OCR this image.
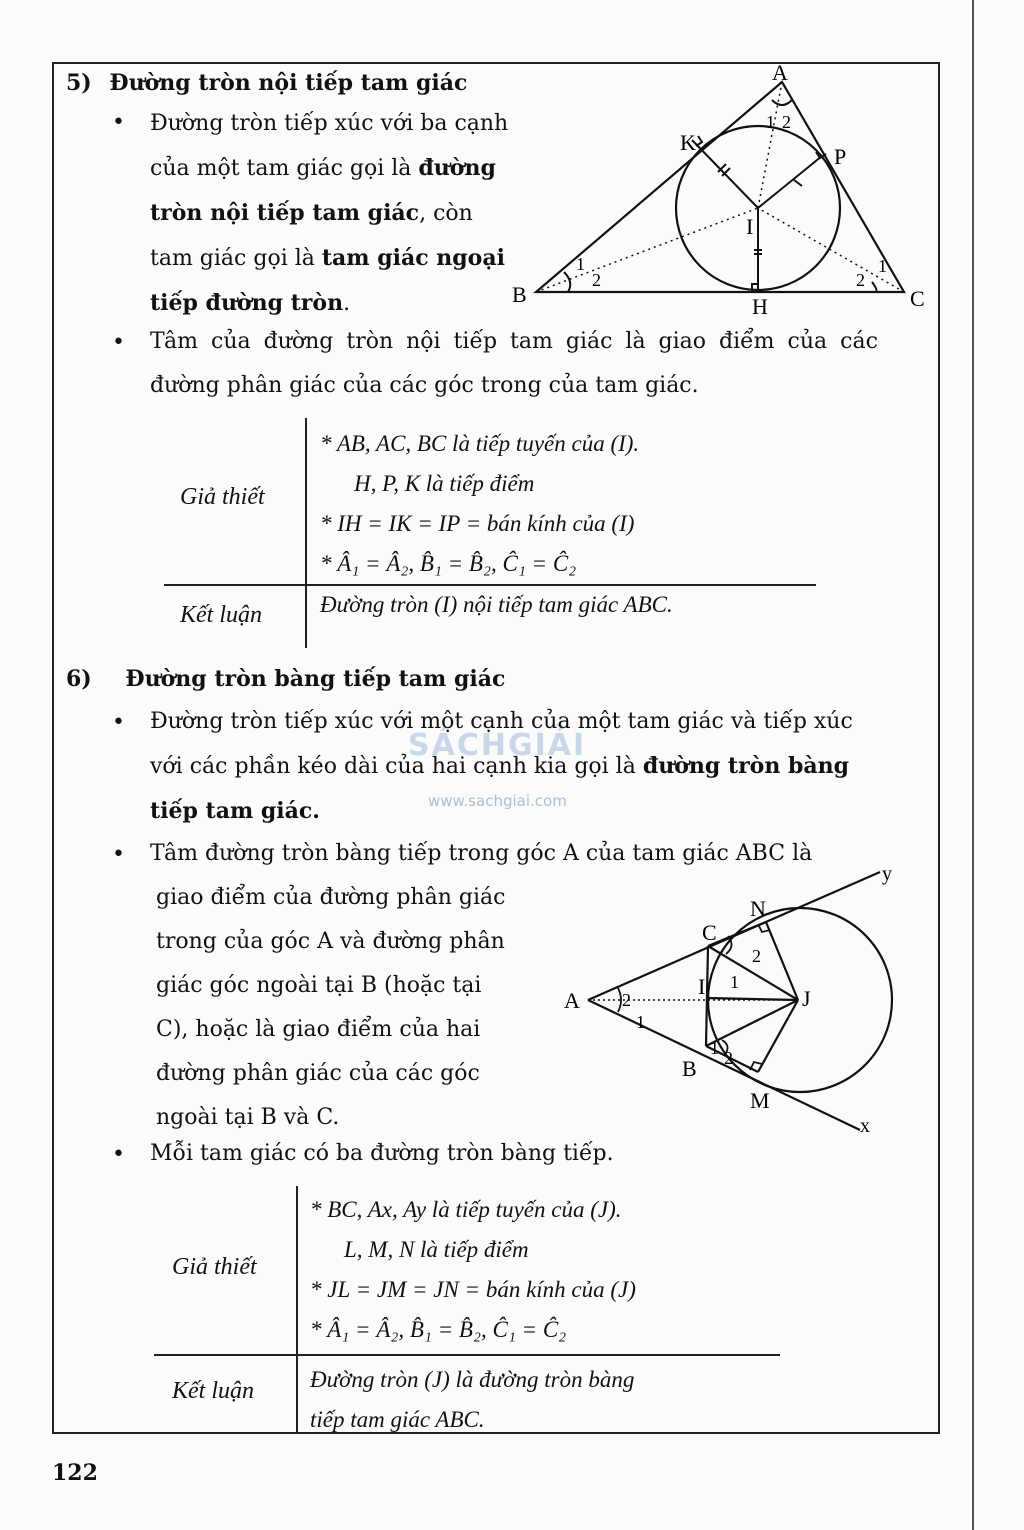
5) Đường tròn nội tiếp tam giác
• Đường tròn tiếp xúc với ba cạnh
của một tam giác gọi là đường
tròn nội tiếp tam giác, còn
tam giác gọi là tam giác ngoại
tiếp đường tròn.
A
B	C
H
I
K
P
1 2
1
2
1
2
• Tâm của đường tròn nội tiếp tam giác là giao điểm của các
đường phân giác của các góc trong của tam giác.
Giả thiết
Kết luận
* AB, AC, BC là tiếp tuyến của (I).
H, P, K là tiếp điểm
* IH = IK = IP = bán kính của (I)
* Â₁ = Â₂, B̂₁ = B̂₂, Ĉ₁ = Ĉ₂
Đường tròn (I) nội tiếp tam giác ABC.
6) Đường tròn bàng tiếp tam giác
SÁCHGIẢI
www.sachgiai.com
• Đường tròn tiếp xúc với một cạnh của một tam giác và tiếp xúc
với các phần kéo dài của hai cạnh kia gọi là đường tròn bàng
tiếp tam giác.
• Tâm đường tròn bàng tiếp trong góc A của tam giác ABC là
giao điểm của đường phân giác
trong của góc A và đường phân
giác góc ngoài tại B (hoặc tại
C), hoặc là giao điểm của hai
đường phân giác của các góc
ngoài tại B và C.
A
B
C
I	J
N
M
y
x
2
1
1
2
1 2
• Mỗi tam giác có ba đường tròn bàng tiếp.
Giả thiết
Kết luận
* BC, Ax, Ay là tiếp tuyến của (J).
L, M, N là tiếp điểm
* JL = JM = JN = bán kính của (J)
* Â₁ = Â₂, B̂₁ = B̂₂, Ĉ₁ = Ĉ₂
Đường tròn (J) là đường tròn bàng
tiếp tam giác ABC.
122
